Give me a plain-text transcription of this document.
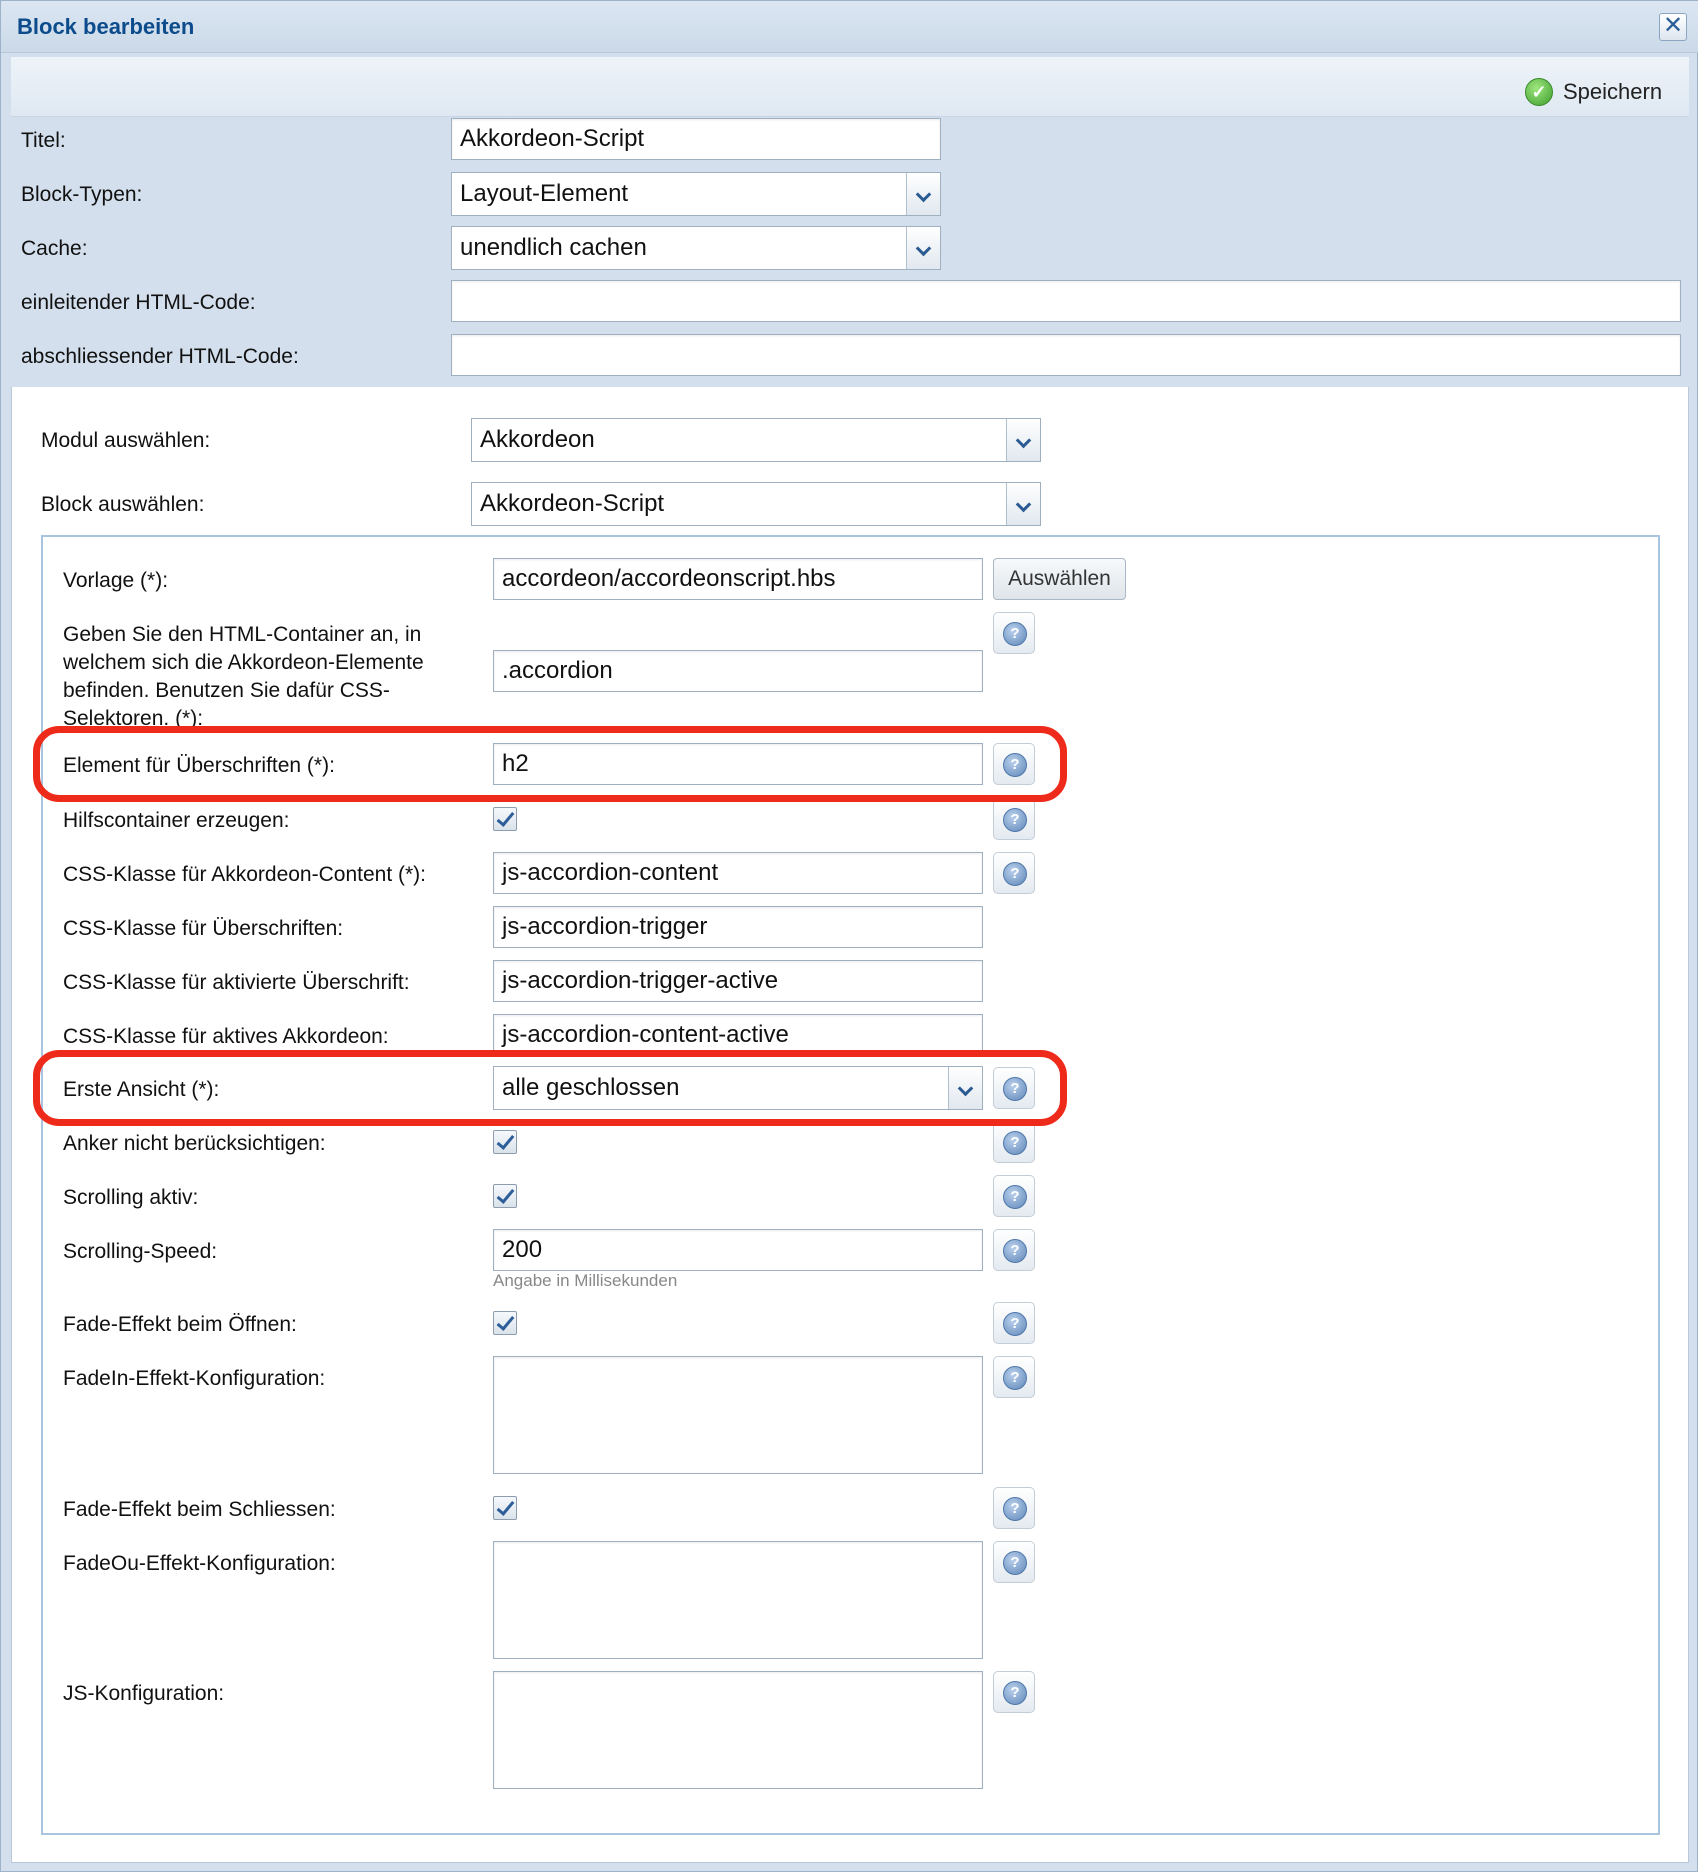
Block bearbeiten	✕
✓ Speichern
Titel:	Akkordeon-Script
Block-Typen:	Layout-Element
Cache:	unendlich cachen
einleitender HTML-Code:
abschliessender HTML-Code:
Modul auswählen:	Akkordeon
Block auswählen:	Akkordeon-Script
Vorlage (*):	accordeon/accordeonscript.hbs	Auswählen
Geben Sie den HTML-Container an, in welchem sich die Akkordeon-Elemente befinden. Benutzen Sie dafür CSS-Selektoren. (*):
.accordion
?
Element für Überschriften (*):	h2
?
Hilfscontainer erzeugen:
?
CSS-Klasse für Akkordeon-Content (*):	js-accordion-content
?
CSS-Klasse für Überschriften:	js-accordion-trigger
CSS-Klasse für aktivierte Überschrift:	js-accordion-trigger-active
CSS-Klasse für aktives Akkordeon:	js-accordion-content-active
Erste Ansicht (*):	alle geschlossen
?
Anker nicht berücksichtigen:
?
Scrolling aktiv:
?
Scrolling-Speed:	200
?
Angabe in Millisekunden
Fade-Effekt beim Öffnen:
?
FadeIn-Effekt-Konfiguration:
?
Fade-Effekt beim Schliessen:
?
FadeOu-Effekt-Konfiguration:
?
JS-Konfiguration:
?
